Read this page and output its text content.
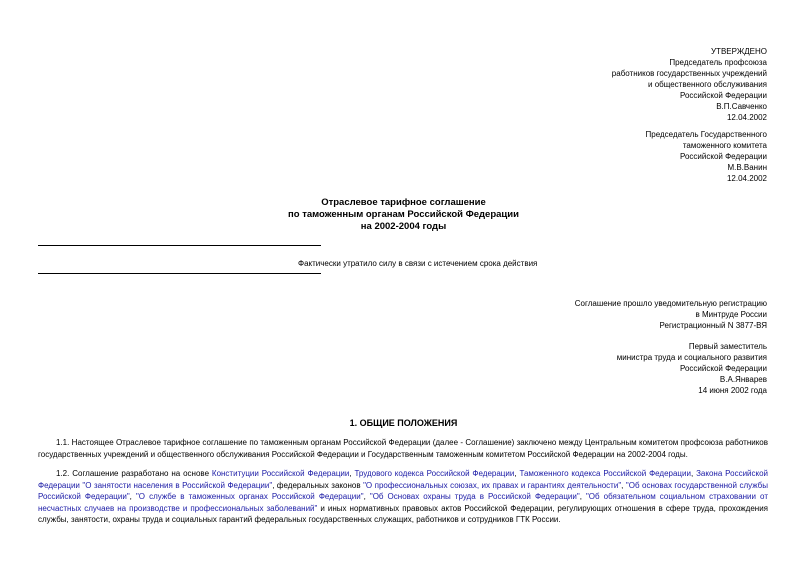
УТВЕРЖДЕНО
Председатель профсоюза
работников государственных учреждений
и общественного обслуживания
Российской Федерации
В.П.Савченко
12.04.2002
Председатель Государственного
таможенного комитета
Российской Федерации
М.В.Ванин
12.04.2002
Отраслевое тарифное соглашение
по таможенным органам Российской Федерации
на 2002-2004 годы
Фактически утратило силу в связи с истечением срока действия
Соглашение прошло уведомительную регистрацию
в Минтруде России
Регистрационный N 3877-ВЯ
Первый заместитель
министра труда и социального развития
Российской Федерации
В.А.Январев
14 июня 2002 года
1. ОБЩИЕ ПОЛОЖЕНИЯ
1.1. Настоящее Отраслевое тарифное соглашение по таможенным органам Российской Федерации (далее - Соглашение) заключено между Центральным комитетом профсоюза работников государственных учреждений и общественного обслуживания Российской Федерации и Государственным таможенным комитетом Российской Федерации на 2002-2004 годы.
1.2. Соглашение разработано на основе Конституции Российской Федерации, Трудового кодекса Российской Федерации, Таможенного кодекса Российской Федерации, Закона Российской Федерации "О занятости населения в Российской Федерации", федеральных законов "О профессиональных союзах, их правах и гарантиях деятельности", "Об основах государственной службы Российской Федерации", "О службе в таможенных органах Российской Федерации", "Об Основах охраны труда в Российской Федерации", "Об обязательном социальном страховании от несчастных случаев на производстве и профессиональных заболеваний" и иных нормативных правовых актов Российской Федерации, регулирующих отношения в сфере труда, прохождения службы, занятости, охраны труда и социальных гарантий федеральных государственных служащих, работников и сотрудников ГТК России.
